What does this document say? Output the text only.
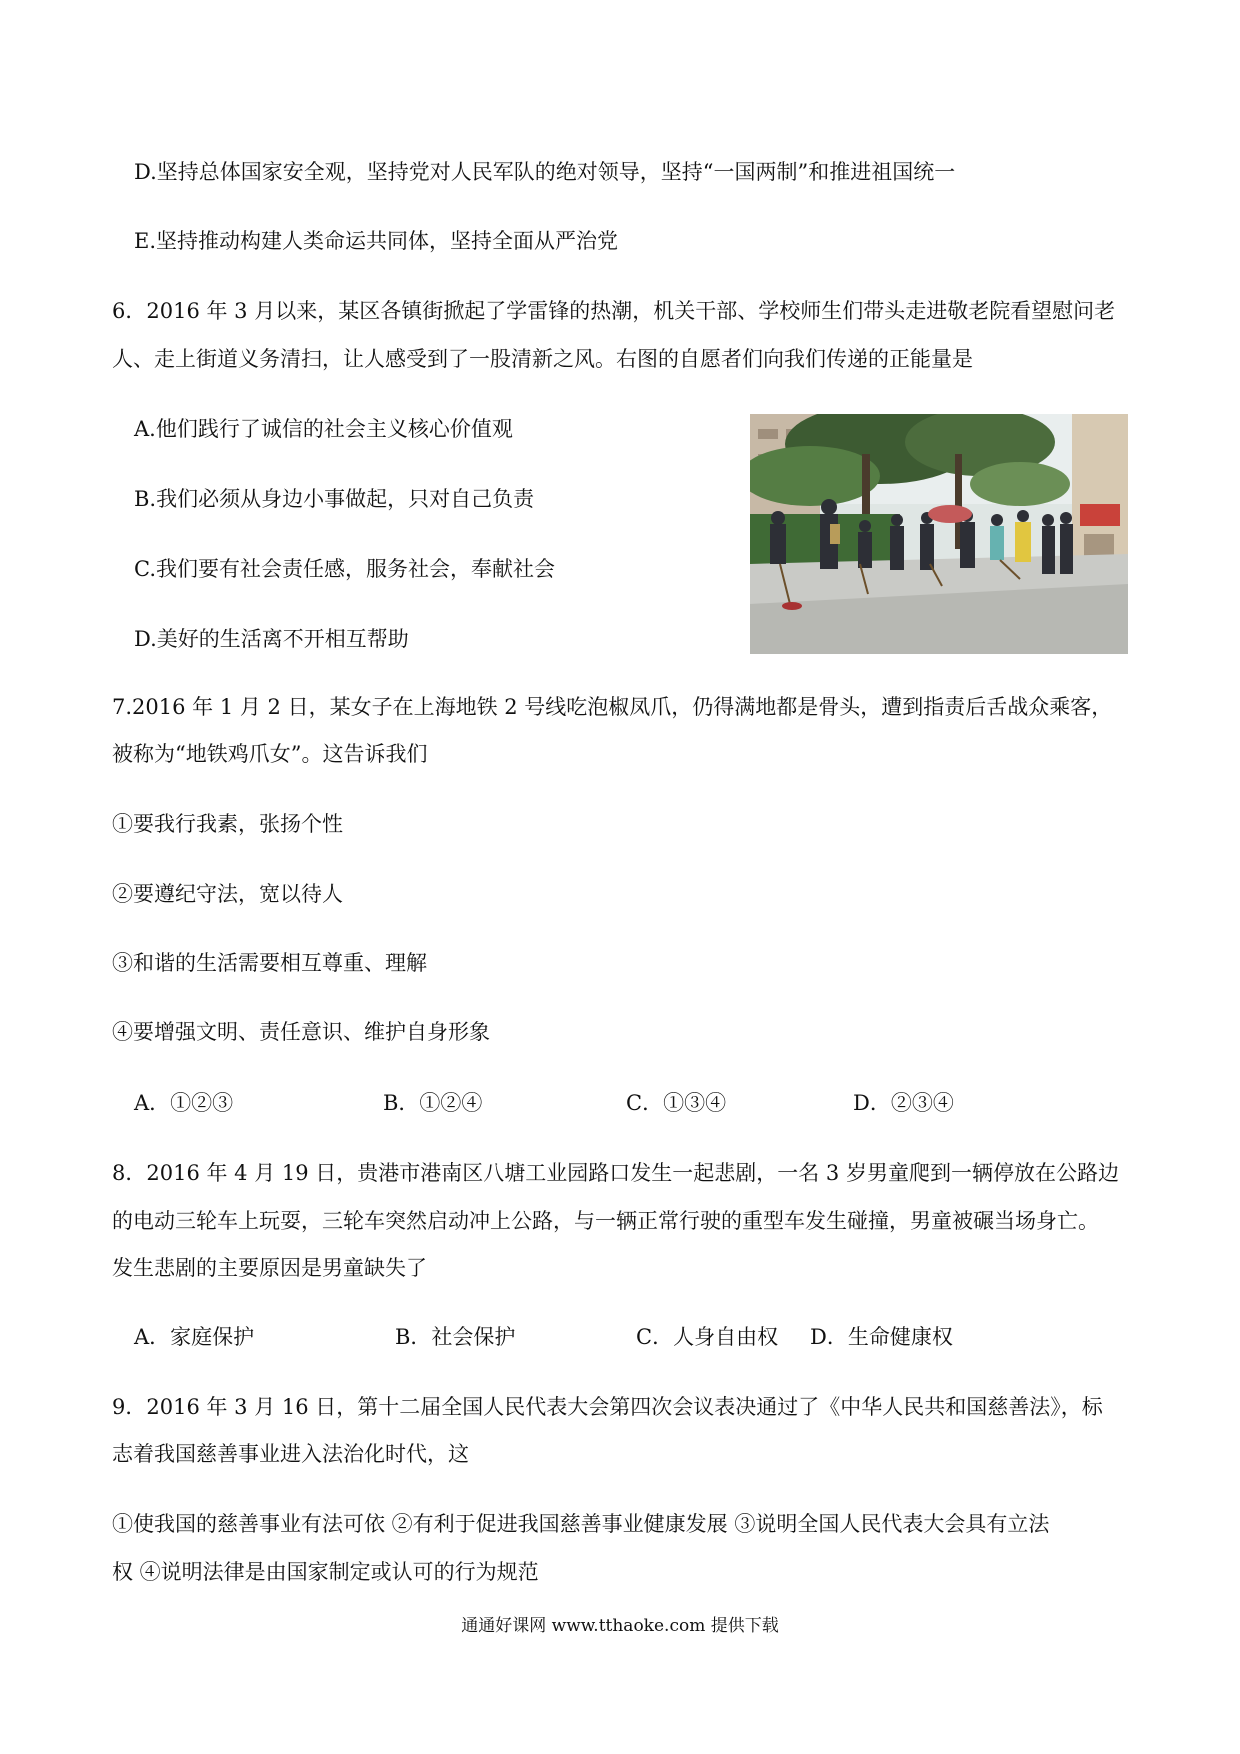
D.坚持总体国家安全观，坚持党对人民军队的绝对领导，坚持“一国两制”和推进祖国统一
E.坚持推动构建人类命运共同体，坚持全面从严治党
6．2016 年 3 月以来，某区各镇街掀起了学雷锋的热潮，机关干部、学校师生们带头走进敬老院看望慰问老
人、走上街道义务清扫，让人感受到了一股清新之风。右图的自愿者们向我们传递的正能量是
A.他们践行了诚信的社会主义核心价值观
B.我们必须从身边小事做起，只对自己负责
C.我们要有社会责任感，服务社会，奉献社会
D.美好的生活离不开相互帮助
7.2016 年 1 月 2 日，某女子在上海地铁 2 号线吃泡椒凤爪，仍得满地都是骨头，遭到指责后舌战众乘客，
被称为“地铁鸡爪女”。这告诉我们
①要我行我素，张扬个性
②要遵纪守法，宽以待人
③和谐的生活需要相互尊重、理解
④要增强文明、责任意识、维护自身形象
A．①②③	B．①②④	C．①③④	D．②③④
8．2016 年 4 月 19 日，贵港市港南区八塘工业园路口发生一起悲剧，一名 3 岁男童爬到一辆停放在公路边
的电动三轮车上玩耍，三轮车突然启动冲上公路，与一辆正常行驶的重型车发生碰撞，男童被碾当场身亡。
发生悲剧的主要原因是男童缺失了
A．家庭保护	B．社会保护	C．人身自由权 D．生命健康权
9．2016 年 3 月 16 日，第十二届全国人民代表大会第四次会议表决通过了《中华人民共和国慈善法》，标
志着我国慈善事业进入法治化时代，这
①使我国的慈善事业有法可依 ②有利于促进我国慈善事业健康发展 ③说明全国人民代表大会具有立法
权 ④说明法律是由国家制定或认可的行为规范
通通好课网 www.tthaoke.com 提供下载
